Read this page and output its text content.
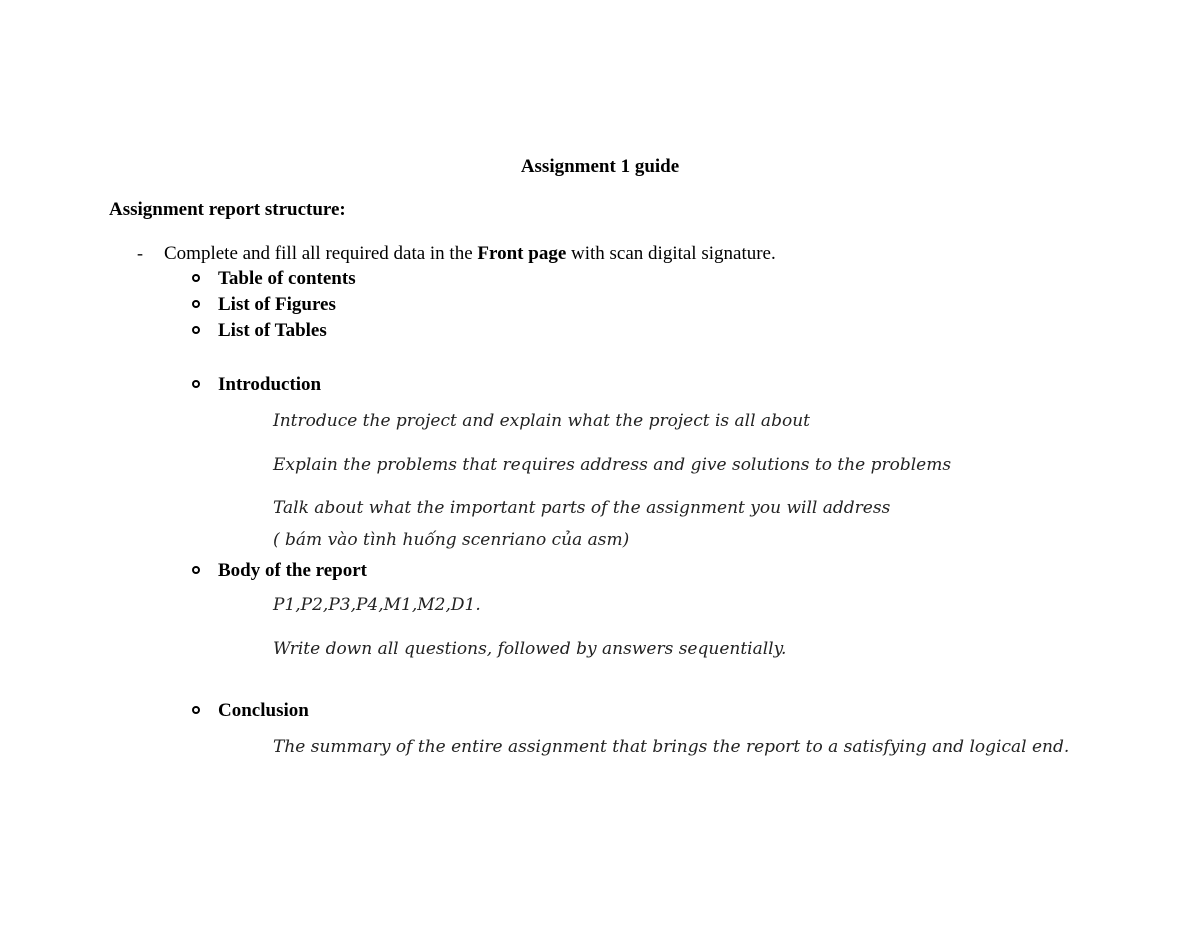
Assignment 1 guide
Assignment report structure:
- Complete and fill all required data in the Front page with scan digital signature.
Table of contents
List of Figures
List of Tables
Introduction
Introduce the project and explain what the project is all about
Explain the problems that requires address and give solutions to the problems
Talk about what the important parts of the assignment you will address
( bám vào tình huống scenriano của asm)
Body of the report
P1,P2,P3,P4,M1,M2,D1.
Write down all questions, followed by answers sequentially.
Conclusion
The summary of the entire assignment that brings the report to a satisfying and logical end.
